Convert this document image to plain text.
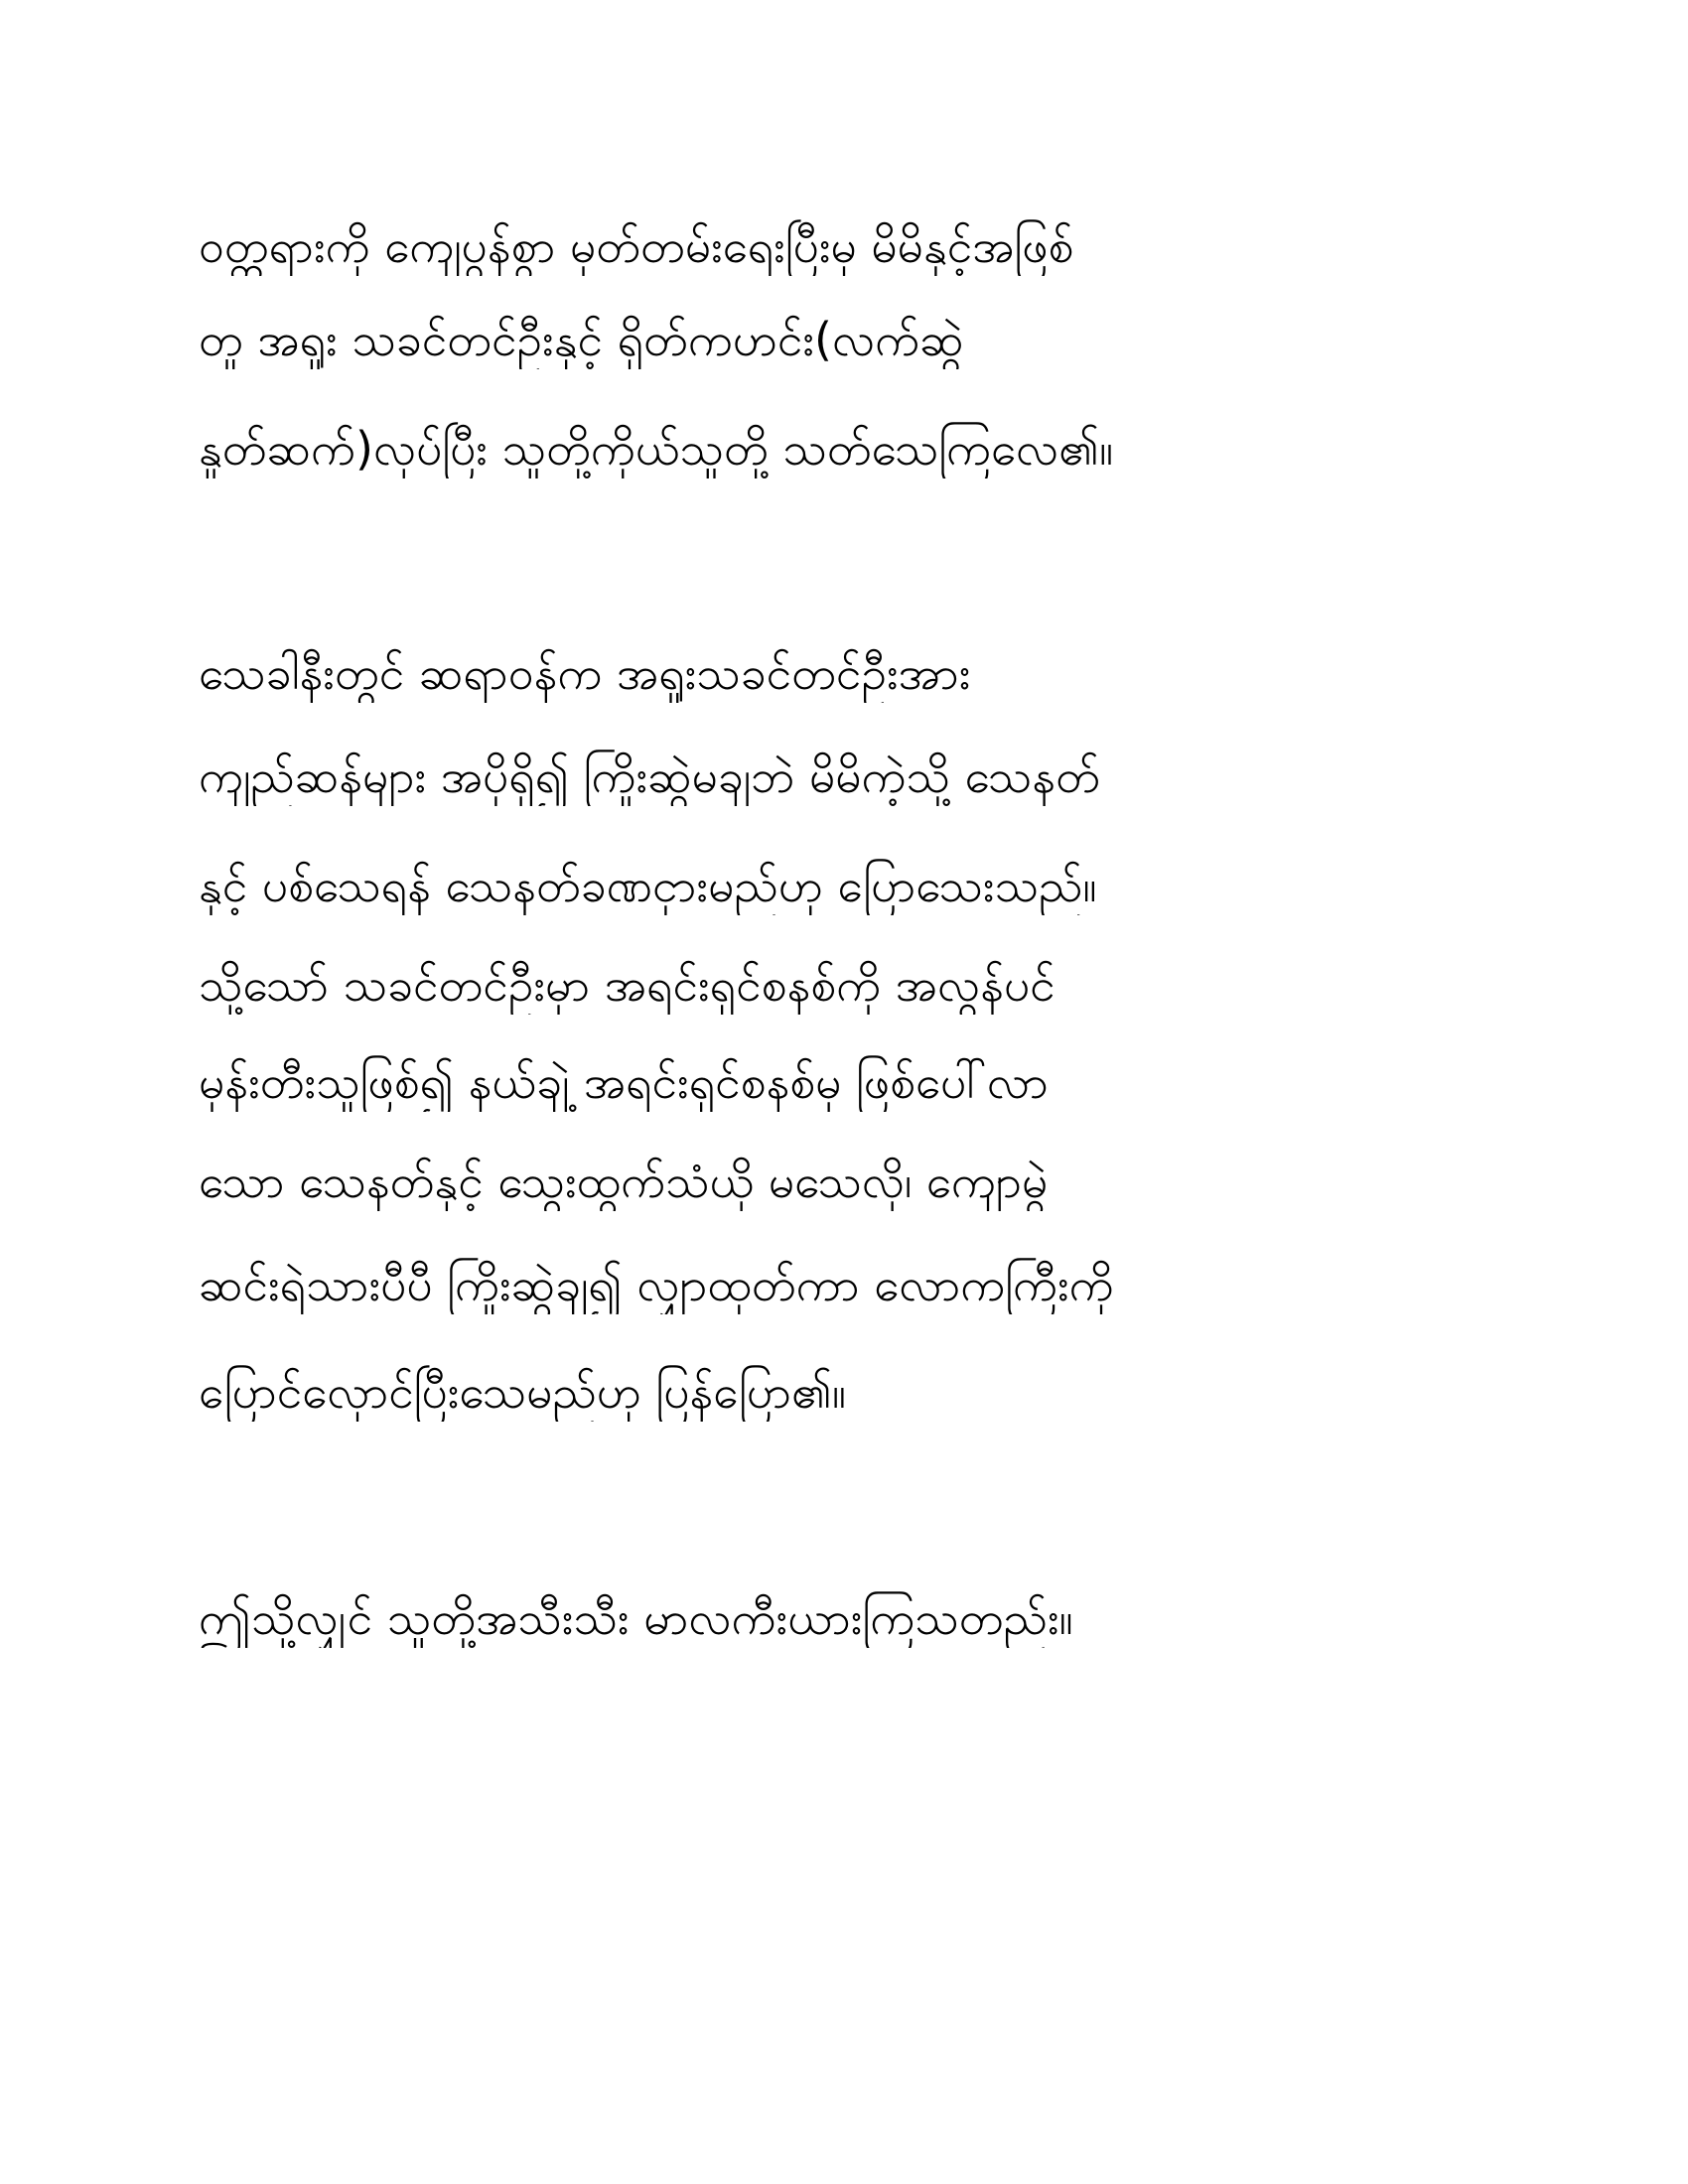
ဝတ္တရားကို ကျေပွန်စွာ မှတ်တမ်းရေးပြီးမှ မိမိနှင့်အဖြစ်
တူ အရူး သခင်တင်ဦးနှင့် ရှိတ်ကဟင်း(လက်ဆွဲ
နှုတ်ဆက်)လုပ်ပြီး သူတို့ကိုယ်သူတို့ သတ်သေကြလေ၏။
သေခါနီးတွင် ဆရာဝန်က အရူးသခင်တင်ဦးအား
ကျည်ဆန်များ အပိုရှိ၍ ကြိုးဆွဲမချဘဲ မိမိကဲ့သို့ သေနတ်
နှင့် ပစ်သေရန် သေနတ်ခဏငှားမည်ဟု ပြောသေးသည်။
သို့သော် သခင်တင်ဦးမှာ အရင်းရှင်စနစ်ကို အလွန်ပင်
မုန်းတီးသူဖြစ်၍ နယ်ချဲ့ အရင်းရှင်စနစ်မှ ဖြစ်ပေါ်လာ
သော သေနတ်နှင့် သွေးထွက်သံယို မသေလို၊ ကျောမွဲ
ဆင်းရဲသားပီပီ ကြိုးဆွဲချ၍ လျှာထုတ်ကာ လောကကြီးကို
ပြောင်လှောင်ပြီးသေမည်ဟု ပြန်ပြော၏။
ဤသို့လျှင် သူတို့အသီးသီး မာလကီးယားကြသတည်း။
